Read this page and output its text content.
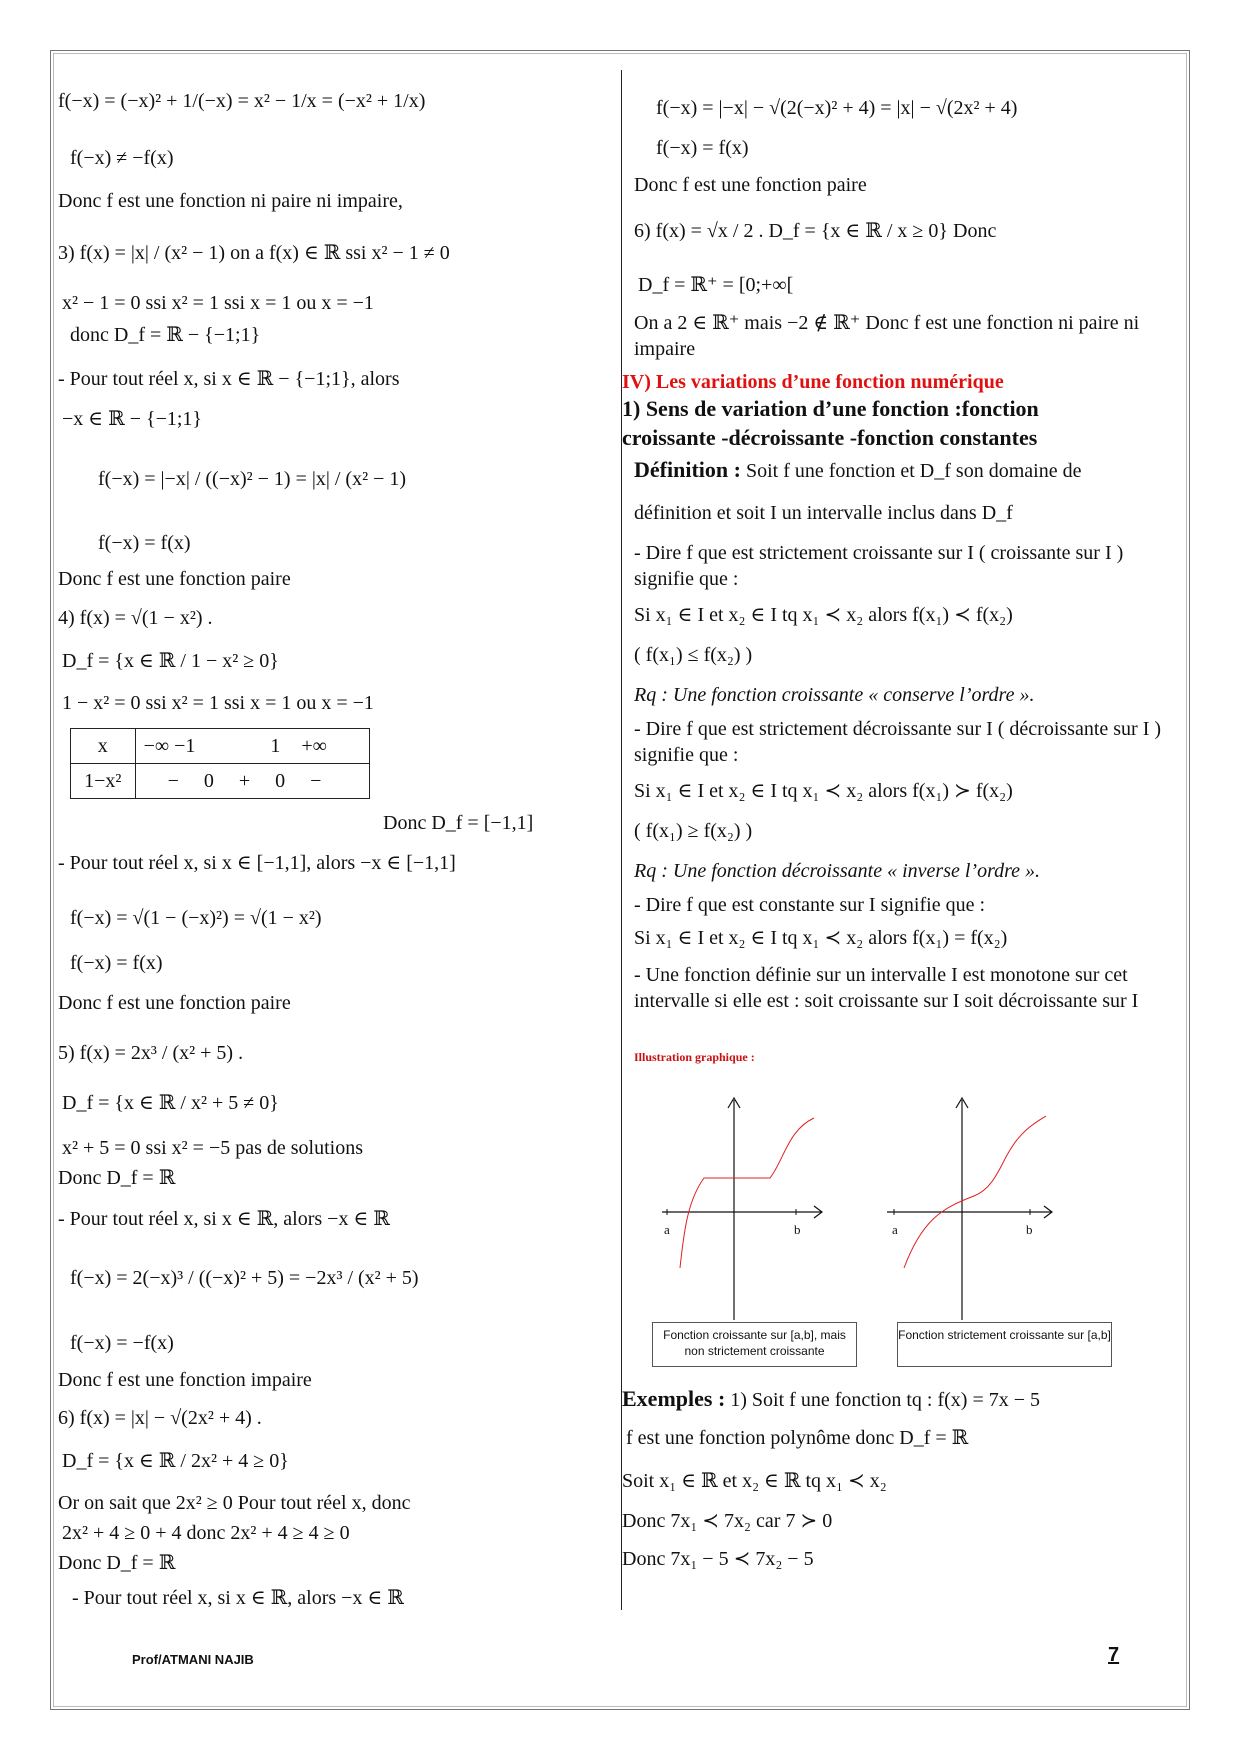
f(−x) = (−x)² + 1/(−x) = x² − 1/x = (−x² + 1/x)
f(−x) ≠ −f(x)
Donc f est une fonction ni paire ni impaire,
3) f(x) = |x| / (x² − 1) on a f(x) ∈ ℝ ssi x² − 1 ≠ 0
x² − 1 = 0 ssi x² = 1 ssi x = 1 ou x = −1
donc D_f = ℝ − {−1;1}
- Pour tout réel x, si x ∈ ℝ − {−1;1}, alors
−x ∈ ℝ − {−1;1}
f(−x) = |−x| / ((−x)² − 1) = |x| / (x² − 1)
f(−x) = f(x)
Donc f est une fonction paire
4) f(x) = √(1 − x²) .
D_f = {x ∈ ℝ / 1 − x² ≥ 0}
1 − x² = 0 ssi x² = 1 ssi x = 1 ou x = −1
x	−∞ −1 1 +∞
1−x²	− 0 + 0 −
Donc D_f = [−1,1]
- Pour tout réel x, si x ∈ [−1,1], alors −x ∈ [−1,1]
f(−x) = √(1 − (−x)²) = √(1 − x²)
f(−x) = f(x)
Donc f est une fonction paire
5) f(x) = 2x³ / (x² + 5) .
D_f = {x ∈ ℝ / x² + 5 ≠ 0}
x² + 5 = 0 ssi x² = −5 pas de solutions
Donc D_f = ℝ
- Pour tout réel x, si x ∈ ℝ, alors −x ∈ ℝ
f(−x) = 2(−x)³ / ((−x)² + 5) = −2x³ / (x² + 5)
f(−x) = −f(x)
Donc f est une fonction impaire
6) f(x) = |x| − √(2x² + 4) .
D_f = {x ∈ ℝ / 2x² + 4 ≥ 0}
Or on sait que 2x² ≥ 0 Pour tout réel x, donc
2x² + 4 ≥ 0 + 4 donc 2x² + 4 ≥ 4 ≥ 0
Donc D_f = ℝ
- Pour tout réel x, si x ∈ ℝ, alors −x ∈ ℝ
f(−x) = |−x| − √(2(−x)² + 4) = |x| − √(2x² + 4)
f(−x) = f(x)
Donc f est une fonction paire
6) f(x) = √x / 2 . D_f = {x ∈ ℝ / x ≥ 0} Donc
D_f = ℝ⁺ = [0;+∞[
On a 2 ∈ ℝ⁺ mais −2 ∉ ℝ⁺ Donc f est une fonction ni paire ni impaire
IV) Les variations d’une fonction numérique
1) Sens de variation d’une fonction :fonction croissante -décroissante -fonction constantes
Définition : Soit f une fonction et D_f son domaine de
définition et soit I un intervalle inclus dans D_f
- Dire f que est strictement croissante sur I ( croissante sur I ) signifie que :
Si x₁ ∈ I et x₂ ∈ I tq x₁ ≺ x₂ alors f(x₁) ≺ f(x₂)
( f(x₁) ≤ f(x₂) )
Rq : Une fonction croissante « conserve l’ordre ».
- Dire f que est strictement décroissante sur I ( décroissante sur I ) signifie que :
Si x₁ ∈ I et x₂ ∈ I tq x₁ ≺ x₂ alors f(x₁) ≻ f(x₂)
( f(x₁) ≥ f(x₂) )
Rq : Une fonction décroissante « inverse l’ordre ».
- Dire f que est constante sur I signifie que :
Si x₁ ∈ I et x₂ ∈ I tq x₁ ≺ x₂ alors f(x₁) = f(x₂)
- Une fonction définie sur un intervalle I est monotone sur cet intervalle si elle est : soit croissante sur I soit décroissante sur I
Illustration graphique :
a	b	a	b
Fonction croissante sur [a,b], mais non strictement croissante
Fonction strictement croissante sur [a,b]
Exemples : 1) Soit f une fonction tq : f(x) = 7x − 5
f est une fonction polynôme donc D_f = ℝ
Soit x₁ ∈ ℝ et x₂ ∈ ℝ tq x₁ ≺ x₂
Donc 7x₁ ≺ 7x₂ car 7 ≻ 0
Donc 7x₁ − 5 ≺ 7x₂ − 5
Prof/ATMANI NAJIB	7
